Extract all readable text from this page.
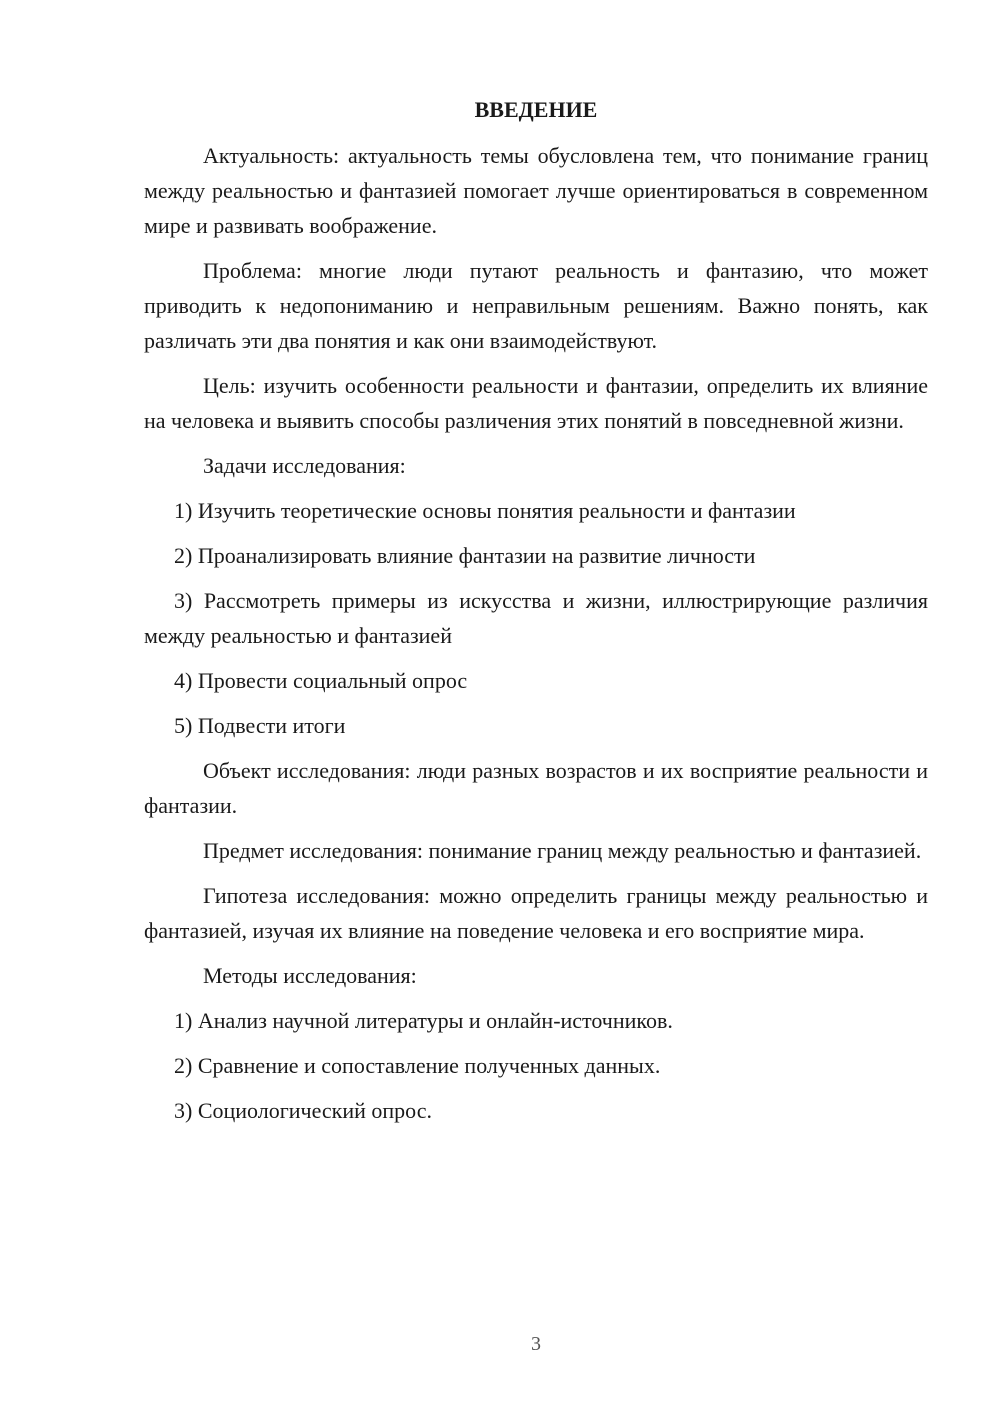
ВВЕДЕНИЕ

Актуальность: актуальность темы обусловлена тем, что понимание границ между реальностью и фантазией помогает лучше ориентироваться в современном мире и развивать воображение.

Проблема: многие люди путают реальность и фантазию, что может приводить к недопониманию и неправильным решениям. Важно понять, как различать эти два понятия и как они взаимодействуют.

Цель: изучить особенности реальности и фантазии, определить их влияние на человека и выявить способы различения этих понятий в повседневной жизни.

Задачи исследования:

1) Изучить теоретические основы понятия реальности и фантазии

2) Проанализировать влияние фантазии на развитие личности

3) Рассмотреть примеры из искусства и жизни, иллюстрирующие различия между реальностью и фантазией

4) Провести социальный опрос

5) Подвести итоги

Объект исследования: люди разных возрастов и их восприятие реальности и фантазии.

Предмет исследования: понимание границ между реальностью и фантазией.

Гипотеза исследования: можно определить границы между реальностью и фантазией, изучая их влияние на поведение человека и его восприятие мира.

Методы исследования:

1) Анализ научной литературы и онлайн-источников.

2) Сравнение и сопоставление полученных данных.

3) Социологический опрос.

3
